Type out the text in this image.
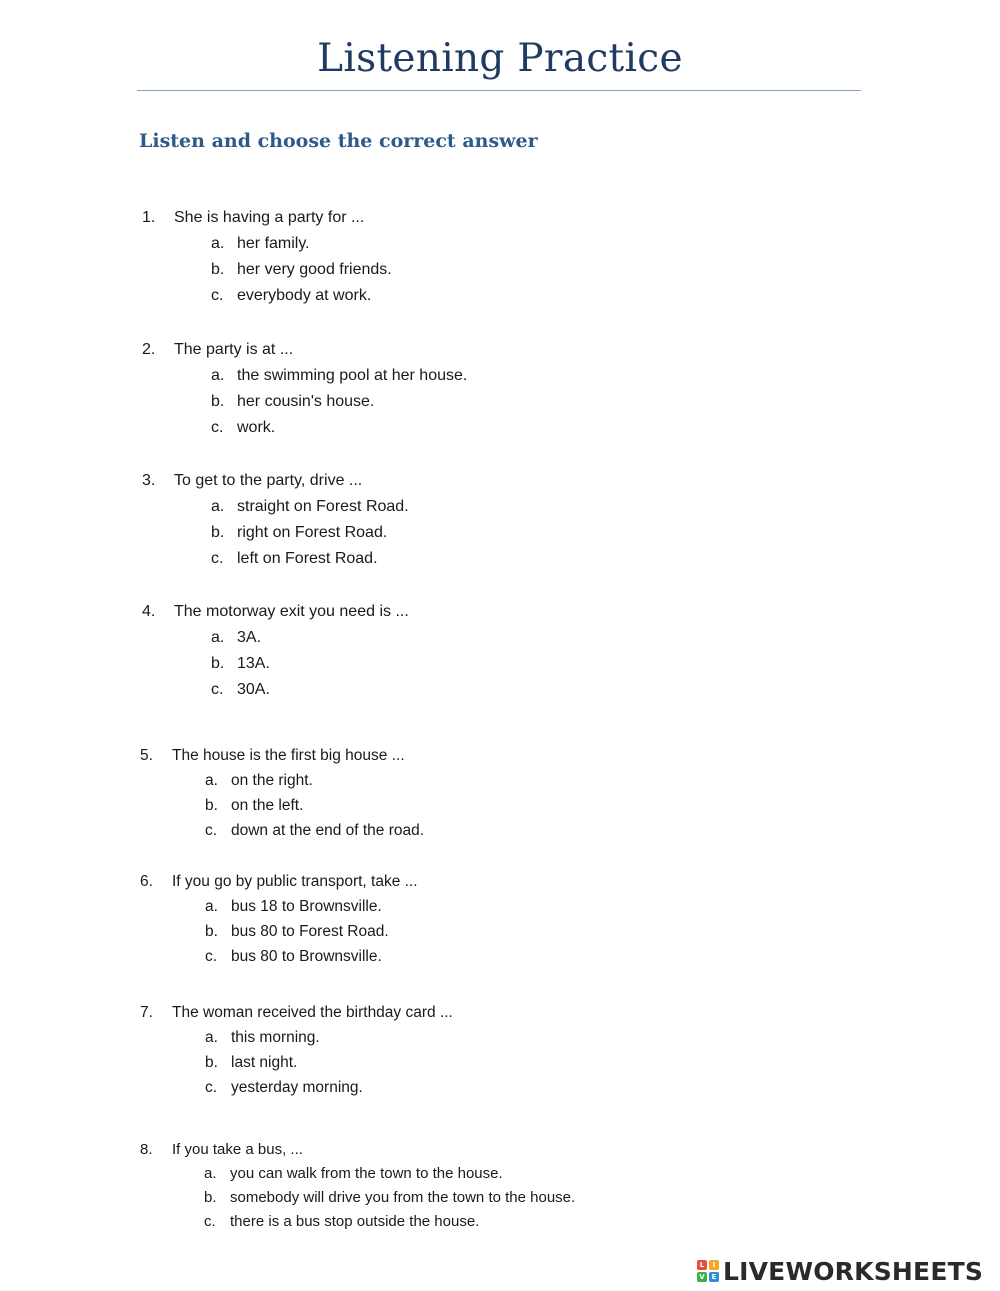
Listening Practice
Listen and choose the correct answer
1. She is having a party for ...
a. her family.
b. her very good friends.
c. everybody at work.
2. The party is at ...
a. the swimming pool at her house.
b. her cousin's house.
c. work.
3. To get to the party, drive ...
a. straight on Forest Road.
b. right on Forest Road.
c. left on Forest Road.
4. The motorway exit you need is ...
a. 3A.
b. 13A.
c. 30A.
5. The house is the first big house ...
a. on the right.
b. on the left.
c. down at the end of the road.
6. If you go by public transport, take ...
a. bus 18 to Brownsville.
b. bus 80 to Forest Road.
c. bus 80 to Brownsville.
7. The woman received the birthday card ...
a. this morning.
b. last night.
c. yesterday morning.
8. If you take a bus, ...
a. you can walk from the town to the house.
b. somebody will drive you from the town to the house.
c. there is a bus stop outside the house.
L	I
V E LIVEWORKSHEETS
